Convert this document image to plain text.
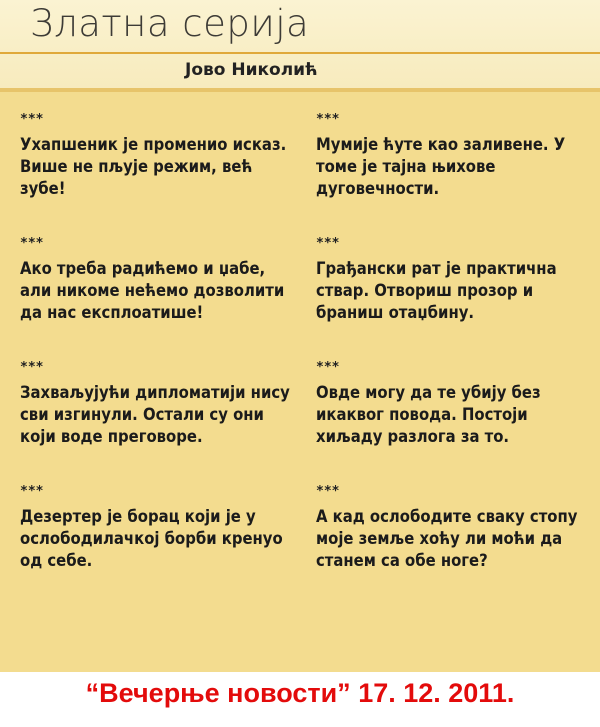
Златна серија
Јово Николић
***
Ухапшеник је променио исказ. Више не пљује режим, већ зубе!
***
Ако треба радићемо и џабе, али никоме нећемо дозволити да нас експлоатише!
***
Захваљујући дипломатији нису сви изгинули. Остали су они који воде преговоре.
***
Дезертер је борац који је у ослободилачкој борби кренуо од себе.
***
Мумије ћуте као заливене. У томе је тајна њихове дуговечности.
***
Грађански рат је практична ствар. Отвориш прозор и браниш отаџбину.
***
Овде могу да те убију без икаквог повода. Постоји хиљаду разлога за то.
***
А кад ослободите сваку стопу моје земље хоћу ли моћи да станем са обе ноге?
“Вечерње новости” 17. 12. 2011.
